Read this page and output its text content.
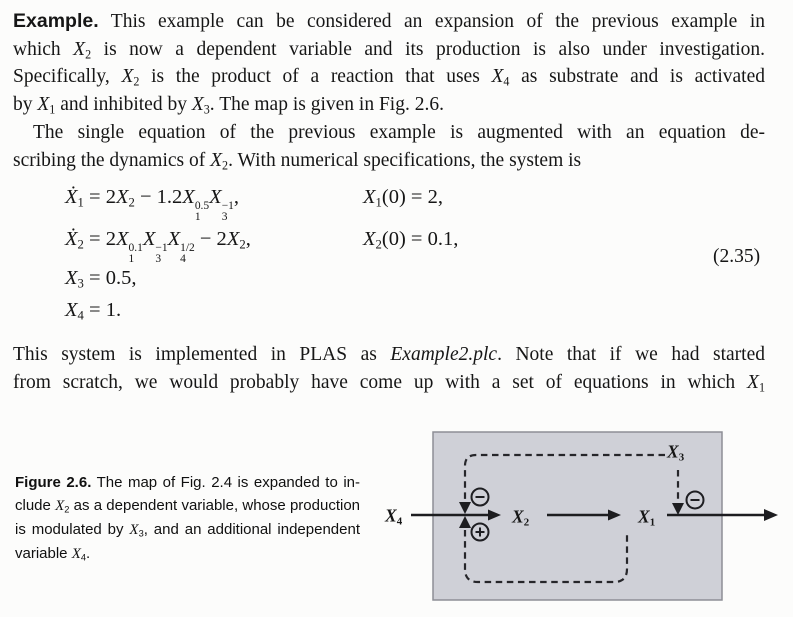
Example. This example can be considered an expansion of the previous example in
which $X_2$ is now a dependent variable and its production is also under investigation.
Specifically, $X_2$ is the product of a reaction that uses $X_4$ as substrate and is activated
by $X_1$ and inhibited by $X_3$. The map is given in Fig. 2.6.
The single equation of the previous example is augmented with an equation de-
scribing the dynamics of $X_2$. With numerical specifications, the system is
$Ẋ_1 = 2X_2 - 1.2X$ 0.5
1
X −1
3
,	$X_1(0) = 2$,
$Ẋ_2 = 2X$ 0.1
1
X −1
3
X 1/2
4
− $2X_2$,	$X_2(0) = 0.1$,
$X_3 = 0.5$,
$X_4 = 1$.
(2.35)
This system is implemented in PLAS as Example2.plc. Note that if we had started
from scratch, we would probably have come up with a set of equations in which $X_1$
Figure 2.6. The map of Fig. 2.4 is expanded to in-
clude $X_2$ as a dependent variable, whose production
is modulated by $X_3$, and an additional independent
variable $X_4$.
$X_4$	$X_2$	$X_1$
$X_3$
